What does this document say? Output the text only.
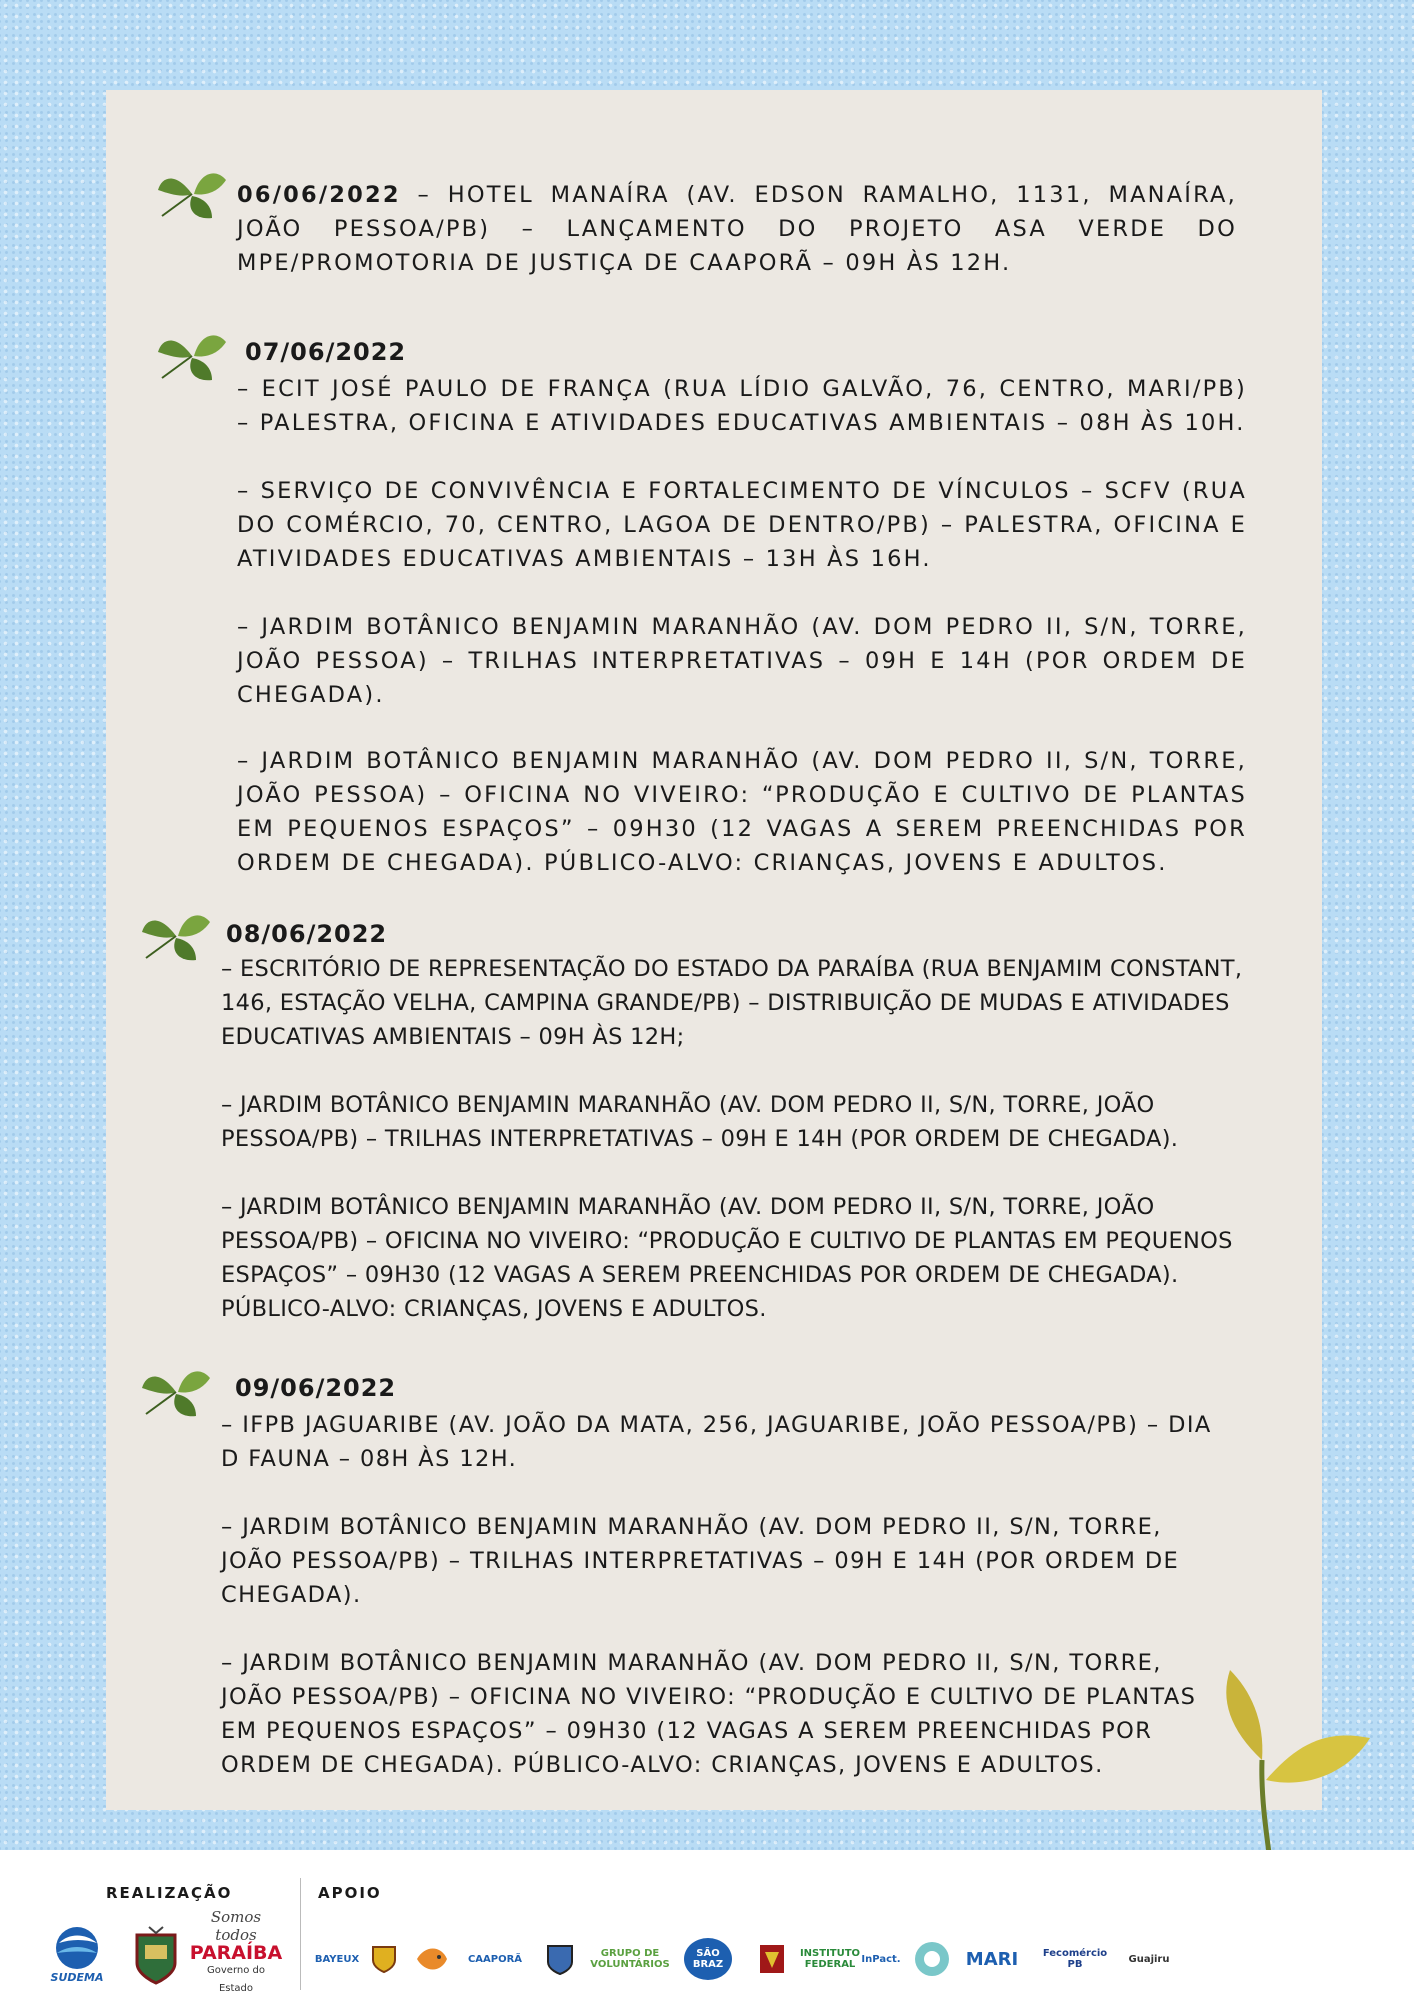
06/06/2022 – HOTEL MANAÍRA (AV. EDSON RAMALHO, 1131, MANAÍRA, JOÃO PESSOA/PB) – LANÇAMENTO DO PROJETO ASA VERDE DO MPE/PROMOTORIA DE JUSTIÇA DE CAAPORÃ – 09H ÀS 12H.
07/06/2022
– ECIT JOSÉ PAULO DE FRANÇA (RUA LÍDIO GALVÃO, 76, CENTRO, MARI/PB) – PALESTRA, OFICINA E ATIVIDADES EDUCATIVAS AMBIENTAIS – 08H ÀS 10H.
– SERVIÇO DE CONVIVÊNCIA E FORTALECIMENTO DE VÍNCULOS – SCFV (RUA DO COMÉRCIO, 70, CENTRO, LAGOA DE DENTRO/PB) – PALESTRA, OFICINA E ATIVIDADES EDUCATIVAS AMBIENTAIS – 13H ÀS 16H.
– JARDIM BOTÂNICO BENJAMIN MARANHÃO (AV. DOM PEDRO II, S/N, TORRE, JOÃO PESSOA) – TRILHAS INTERPRETATIVAS – 09H E 14H (POR ORDEM DE CHEGADA).
– JARDIM BOTÂNICO BENJAMIN MARANHÃO (AV. DOM PEDRO II, S/N, TORRE, JOÃO PESSOA) – OFICINA NO VIVEIRO: “PRODUÇÃO E CULTIVO DE PLANTAS EM PEQUENOS ESPAÇOS” – 09H30 (12 VAGAS A SEREM PREENCHIDAS POR ORDEM DE CHEGADA). PÚBLICO-ALVO: CRIANÇAS, JOVENS E ADULTOS.
08/06/2022
– ESCRITÓRIO DE REPRESENTAÇÃO DO ESTADO DA PARAÍBA (RUA BENJAMIM CONSTANT, 146, ESTAÇÃO VELHA, CAMPINA GRANDE/PB) – DISTRIBUIÇÃO DE MUDAS E ATIVIDADES EDUCATIVAS AMBIENTAIS – 09H ÀS 12H;
– JARDIM BOTÂNICO BENJAMIN MARANHÃO (AV. DOM PEDRO II, S/N, TORRE, JOÃO PESSOA/PB) – TRILHAS INTERPRETATIVAS – 09H E 14H (POR ORDEM DE CHEGADA).
– JARDIM BOTÂNICO BENJAMIN MARANHÃO (AV. DOM PEDRO II, S/N, TORRE, JOÃO PESSOA/PB) – OFICINA NO VIVEIRO: “PRODUÇÃO E CULTIVO DE PLANTAS EM PEQUENOS ESPAÇOS” – 09H30 (12 VAGAS A SEREM PREENCHIDAS POR ORDEM DE CHEGADA). PÚBLICO-ALVO: CRIANÇAS, JOVENS E ADULTOS.
09/06/2022
– IFPB JAGUARIBE (AV. JOÃO DA MATA, 256, JAGUARIBE, JOÃO PESSOA/PB) – DIA D FAUNA – 08H ÀS 12H.
– JARDIM BOTÂNICO BENJAMIN MARANHÃO (AV. DOM PEDRO II, S/N, TORRE, JOÃO PESSOA/PB) – TRILHAS INTERPRETATIVAS – 09H E 14H (POR ORDEM DE CHEGADA).
– JARDIM BOTÂNICO BENJAMIN MARANHÃO (AV. DOM PEDRO II, S/N, TORRE, JOÃO PESSOA/PB) – OFICINA NO VIVEIRO: “PRODUÇÃO E CULTIVO DE PLANTAS EM PEQUENOS ESPAÇOS” – 09H30 (12 VAGAS A SEREM PREENCHIDAS POR ORDEM DE CHEGADA). PÚBLICO-ALVO: CRIANÇAS, JOVENS E ADULTOS.
REALIZAÇÃO	APOIO
SUDEMA
Somos todos
PARAÍBA
Governo do Estado
BAYEUX	CAAPORÃ	GRUPO DE VOLUNTÁRIOS
SÃO BRAZ
INSTITUTO FEDERAL InPact.	MARI	Fecomércio PB	Guajiru
